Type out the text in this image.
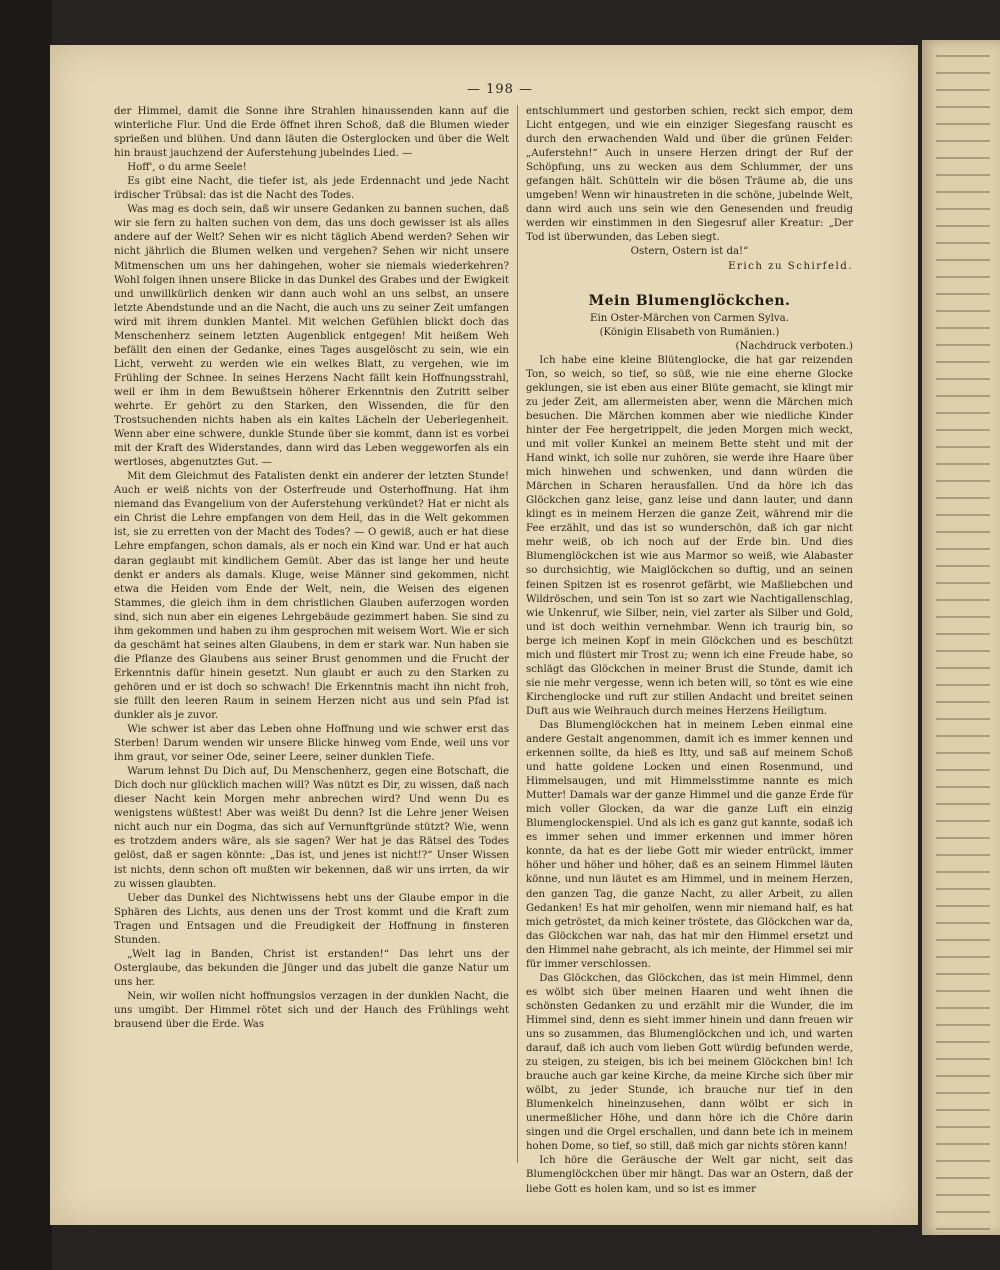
— 198 —

der Himmel, damit die Sonne ihre Strahlen hinaussenden kann auf die winterliche Flur. Und die Erde öffnet ihren Schoß, daß die Blumen wieder sprießen und blühen. Und dann läuten die Osterglocken und über die Welt hin braust jauchzend der Auferstehung jubelndes Lied. —

Hoff', o du arme Seele!

Es gibt eine Nacht, die tiefer ist, als jede Erdennacht und jede Nacht irdischer Trübsal: das ist die Nacht des Todes.

Was mag es doch sein, daß wir unsere Gedanken zu bannen suchen, daß wir sie fern zu halten suchen von dem, das uns doch gewisser ist als alles andere auf der Welt? Sehen wir es nicht täglich Abend werden? Sehen wir nicht jährlich die Blumen welken und vergehen? Sehen wir nicht unsere Mitmenschen um uns her dahingehen, woher sie niemals wiederkehren? Wohl folgen ihnen unsere Blicke in das Dunkel des Grabes und der Ewigkeit und unwillkürlich denken wir dann auch wohl an uns selbst, an unsere letzte Abendstunde und an die Nacht, die auch uns zu seiner Zeit umfangen wird mit ihrem dunklen Mantel. Mit welchen Gefühlen blickt doch das Menschenherz seinem letzten Augenblick entgegen! Mit heißem Weh befällt den einen der Gedanke, eines Tages ausgelöscht zu sein, wie ein Licht, verweht zu werden wie ein welkes Blatt, zu vergehen, wie im Frühling der Schnee. In seines Herzens Nacht fällt kein Hoffnungsstrahl, weil er ihm in dem Bewußtsein höherer Erkenntnis den Zutritt selber wehrte. Er gehört zu den Starken, den Wissenden, die für den Trostsuchenden nichts haben als ein kaltes Lächeln der Ueberlegenheit. Wenn aber eine schwere, dunkle Stunde über sie kommt, dann ist es vorbei mit der Kraft des Widerstandes, dann wird das Leben weggeworfen als ein wertloses, abgenutztes Gut. —

Mit dem Gleichmut des Fatalisten denkt ein anderer der letzten Stunde! Auch er weiß nichts von der Osterfreude und Osterhoffnung. Hat ihm niemand das Evangelium von der Auferstehung verkündet? Hat er nicht als ein Christ die Lehre empfangen von dem Heil, das in die Welt gekommen ist, sie zu erretten von der Macht des Todes? — O gewiß, auch er hat diese Lehre empfangen, schon damals, als er noch ein Kind war. Und er hat auch daran geglaubt mit kindlichem Gemüt. Aber das ist lange her und heute denkt er anders als damals. Kluge, weise Männer sind gekommen, nicht etwa die Heiden vom Ende der Welt, nein, die Weisen des eigenen Stammes, die gleich ihm in dem christlichen Glauben auferzogen worden sind, sich nun aber ein eigenes Lehrgebäude gezimmert haben. Sie sind zu ihm gekommen und haben zu ihm gesprochen mit weisem Wort. Wie er sich da geschämt hat seines alten Glaubens, in dem er stark war. Nun haben sie die Pflanze des Glaubens aus seiner Brust genommen und die Frucht der Erkenntnis dafür hinein gesetzt. Nun glaubt er auch zu den Starken zu gehören und er ist doch so schwach! Die Erkenntnis macht ihn nicht froh, sie füllt den leeren Raum in seinem Herzen nicht aus und sein Pfad ist dunkler als je zuvor.

Wie schwer ist aber das Leben ohne Hoffnung und wie schwer erst das Sterben! Darum wenden wir unsere Blicke hinweg vom Ende, weil uns vor ihm graut, vor seiner Ode, seiner Leere, seiner dunklen Tiefe.

Warum lehnst Du Dich auf, Du Menschenherz, gegen eine Botschaft, die Dich doch nur glücklich machen will? Was nützt es Dir, zu wissen, daß nach dieser Nacht kein Morgen mehr anbrechen wird? Und wenn Du es wenigstens wüßtest! Aber was weißt Du denn? Ist die Lehre jener Weisen nicht auch nur ein Dogma, das sich auf Vernunftgründe stützt? Wie, wenn es trotzdem anders wäre, als sie sagen? Wer hat je das Rätsel des Todes gelöst, daß er sagen könnte: „Das ist, und jenes ist nicht!?“ Unser Wissen ist nichts, denn schon oft mußten wir bekennen, daß wir uns irrten, da wir zu wissen glaubten.

Ueber das Dunkel des Nichtwissens hebt uns der Glaube empor in die Sphären des Lichts, aus denen uns der Trost kommt und die Kraft zum Tragen und Entsagen und die Freudigkeit der Hoffnung in finsteren Stunden.

„Welt lag in Banden, Christ ist erstanden!“ Das lehrt uns der Osterglaube, das bekunden die Jünger und das jubelt die ganze Natur um uns her.

Nein, wir wollen nicht hoffnungslos verzagen in der dunklen Nacht, die uns umgibt. Der Himmel rötet sich und der Hauch des Frühlings weht brausend über die Erde. Was

entschlummert und gestorben schien, reckt sich empor, dem Licht entgegen, und wie ein einziger Siegesfang rauscht es durch den erwachenden Wald und über die grünen Felder: „Auferstehn!“ Auch in unsere Herzen dringt der Ruf der Schöpfung, uns zu wecken aus dem Schlummer, der uns gefangen hält. Schütteln wir die bösen Träume ab, die uns umgeben! Wenn wir hinaustreten in die schöne, jubelnde Welt, dann wird auch uns sein wie den Genesenden und freudig werden wir einstimmen in den Siegesruf aller Kreatur: „Der Tod ist überwunden, das Leben siegt.

Ostern, Ostern ist da!“

Erich zu Schirfeld.

Mein Blumenglöckchen.

Ein Oster-Märchen von Carmen Sylva.

(Königin Elisabeth von Rumänien.)

(Nachdruck verboten.)

Ich habe eine kleine Blütenglocke, die hat gar reizenden Ton, so weich, so tief, so süß, wie nie eine eherne Glocke geklungen, sie ist eben aus einer Blüte gemacht, sie klingt mir zu jeder Zeit, am allermeisten aber, wenn die Märchen mich besuchen. Die Märchen kommen aber wie niedliche Kinder hinter der Fee hergetrippelt, die jeden Morgen mich weckt, und mit voller Kunkel an meinem Bette steht und mit der Hand winkt, ich solle nur zuhören, sie werde ihre Haare über mich hinwehen und schwenken, und dann würden die Märchen in Scharen herausfallen. Und da höre ich das Glöckchen ganz leise, ganz leise und dann lauter, und dann klingt es in meinem Herzen die ganze Zeit, während mir die Fee erzählt, und das ist so wunderschön, daß ich gar nicht mehr weiß, ob ich noch auf der Erde bin. Und dies Blumenglöckchen ist wie aus Marmor so weiß, wie Alabaster so durchsichtig, wie Maiglöckchen so duftig, und an seinen feinen Spitzen ist es rosenrot gefärbt, wie Maßliebchen und Wildröschen, und sein Ton ist so zart wie Nachtigallenschlag, wie Unkenruf, wie Silber, nein, viel zarter als Silber und Gold, und ist doch weithin vernehmbar. Wenn ich traurig bin, so berge ich meinen Kopf in mein Glöckchen und es beschützt mich und flüstert mir Trost zu; wenn ich eine Freude habe, so schlägt das Glöckchen in meiner Brust die Stunde, damit ich sie nie mehr vergesse, wenn ich beten will, so tönt es wie eine Kirchenglocke und ruft zur stillen Andacht und breitet seinen Duft aus wie Weihrauch durch meines Herzens Heiligtum.

Das Blumenglöckchen hat in meinem Leben einmal eine andere Gestalt angenommen, damit ich es immer kennen und erkennen sollte, da hieß es Itty, und saß auf meinem Schoß und hatte goldene Locken und einen Rosenmund, und Himmelsaugen, und mit Himmelsstimme nannte es mich Mutter! Damals war der ganze Himmel und die ganze Erde für mich voller Glocken, da war die ganze Luft ein einzig Blumenglockenspiel. Und als ich es ganz gut kannte, sodaß ich es immer sehen und immer erkennen und immer hören konnte, da hat es der liebe Gott mir wieder entrückt, immer höher und höher und höher, daß es an seinem Himmel läuten könne, und nun läutet es am Himmel, und in meinem Herzen, den ganzen Tag, die ganze Nacht, zu aller Arbeit, zu allen Gedanken! Es hat mir geholfen, wenn mir niemand half, es hat mich getröstet, da mich keiner tröstete, das Glöckchen war da, das Glöckchen war nah, das hat mir den Himmel ersetzt und den Himmel nahe gebracht, als ich meinte, der Himmel sei mir für immer verschlossen.

Das Glöckchen, das Glöckchen, das ist mein Himmel, denn es wölbt sich über meinen Haaren und weht ihnen die schönsten Gedanken zu und erzählt mir die Wunder, die im Himmel sind, denn es sieht immer hinein und dann freuen wir uns so zusammen, das Blumenglöckchen und ich, und warten darauf, daß ich auch vom lieben Gott würdig befunden werde, zu steigen, zu steigen, bis ich bei meinem Glöckchen bin! Ich brauche auch gar keine Kirche, da meine Kirche sich über mir wölbt, zu jeder Stunde, ich brauche nur tief in den Blumenkelch hineinzusehen, dann wölbt er sich in unermeßlicher Höhe, und dann höre ich die Chöre darin singen und die Orgel erschallen, und dann bete ich in meinem hohen Dome, so tief, so still, daß mich gar nichts stören kann!

Ich höre die Geräusche der Welt gar nicht, seit das Blumenglöckchen über mir hängt. Das war an Ostern, daß der liebe Gott es holen kam, und so ist es immer
